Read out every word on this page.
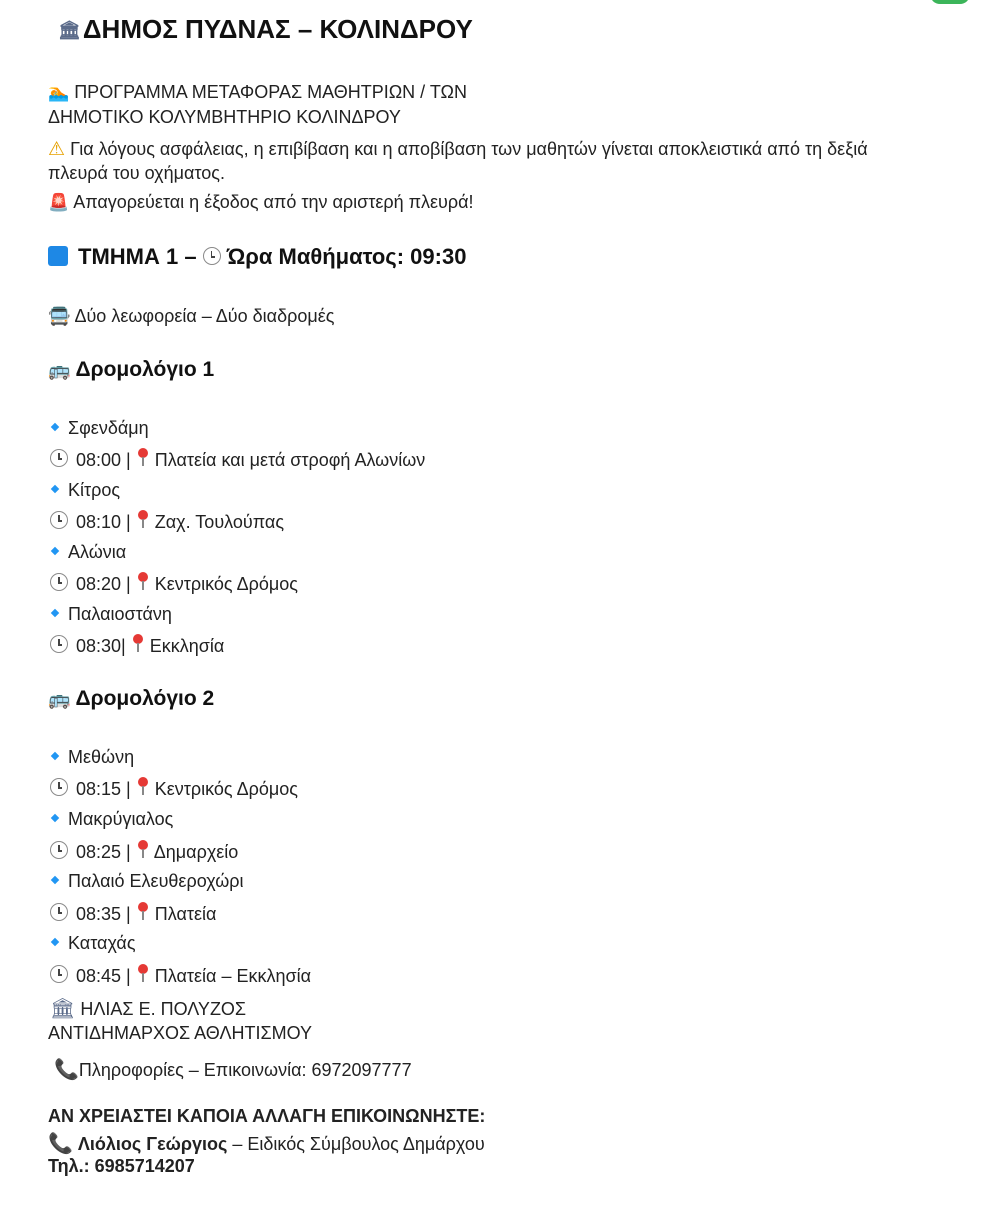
🏛ΔΗΜΟΣ ΠΥΔΝΑΣ – ΚΟΛΙΝΔΡΟΥ
🏊 ΠΡΟΓΡΑΜΜΑ ΜΕΤΑΦΟΡΑΣ ΜΑΘΗΤΡΙΩΝ / ΤΩΝ
ΔΗΜΟΤΙΚΟ ΚΟΛΥΜΒΗΤΗΡΙΟ ΚΟΛΙΝΔΡΟΥ
⚠ Για λόγους ασφάλειας, η επιβίβαση και η αποβίβαση των μαθητών γίνεται αποκλειστικά από τη δεξιά
πλευρά του οχήματος.
🚨 Απαγορεύεται η έξοδος από την αριστερή πλευρά!
ΤΜΗΜΑ 1 – Ώρα Μαθήματος: 09:30
🚍 Δύο λεωφορεία – Δύο διαδρομές
🚌 Δρομολόγιο 1
Σφενδάμη
08:00 | Πλατεία και μετά στροφή Αλωνίων
Κίτρος
08:10 | Ζαχ. Τουλούπας
Αλώνια
08:20 | Κεντρικός Δρόμος
Παλαιοστάνη
08:30| Εκκλησία
🚌 Δρομολόγιο 2
Μεθώνη
08:15 | Κεντρικός Δρόμος
Μακρύγιαλος
08:25 | Δημαρχείο
Παλαιό Ελευθεροχώρι
08:35 | Πλατεία
Καταχάς
08:45 | Πλατεία – Εκκλησία
🏛 ΗΛΙΑΣ Ε. ΠΟΛΥΖΟΣ
ΑΝΤΙΔΗΜΑΡΧΟΣ ΑΘΛΗΤΙΣΜΟΥ
📞Πληροφορίες – Επικοινωνία: 6972097777
ΑΝ ΧΡΕΙΑΣΤΕΙ ΚΑΠΟΙΑ ΑΛΛΑΓΗ ΕΠΙΚΟΙΝΩΝΗΣΤΕ:
📞 Λιόλιος Γεώργιος – Ειδικός Σύμβουλος Δημάρχου
Τηλ.: 6985714207
